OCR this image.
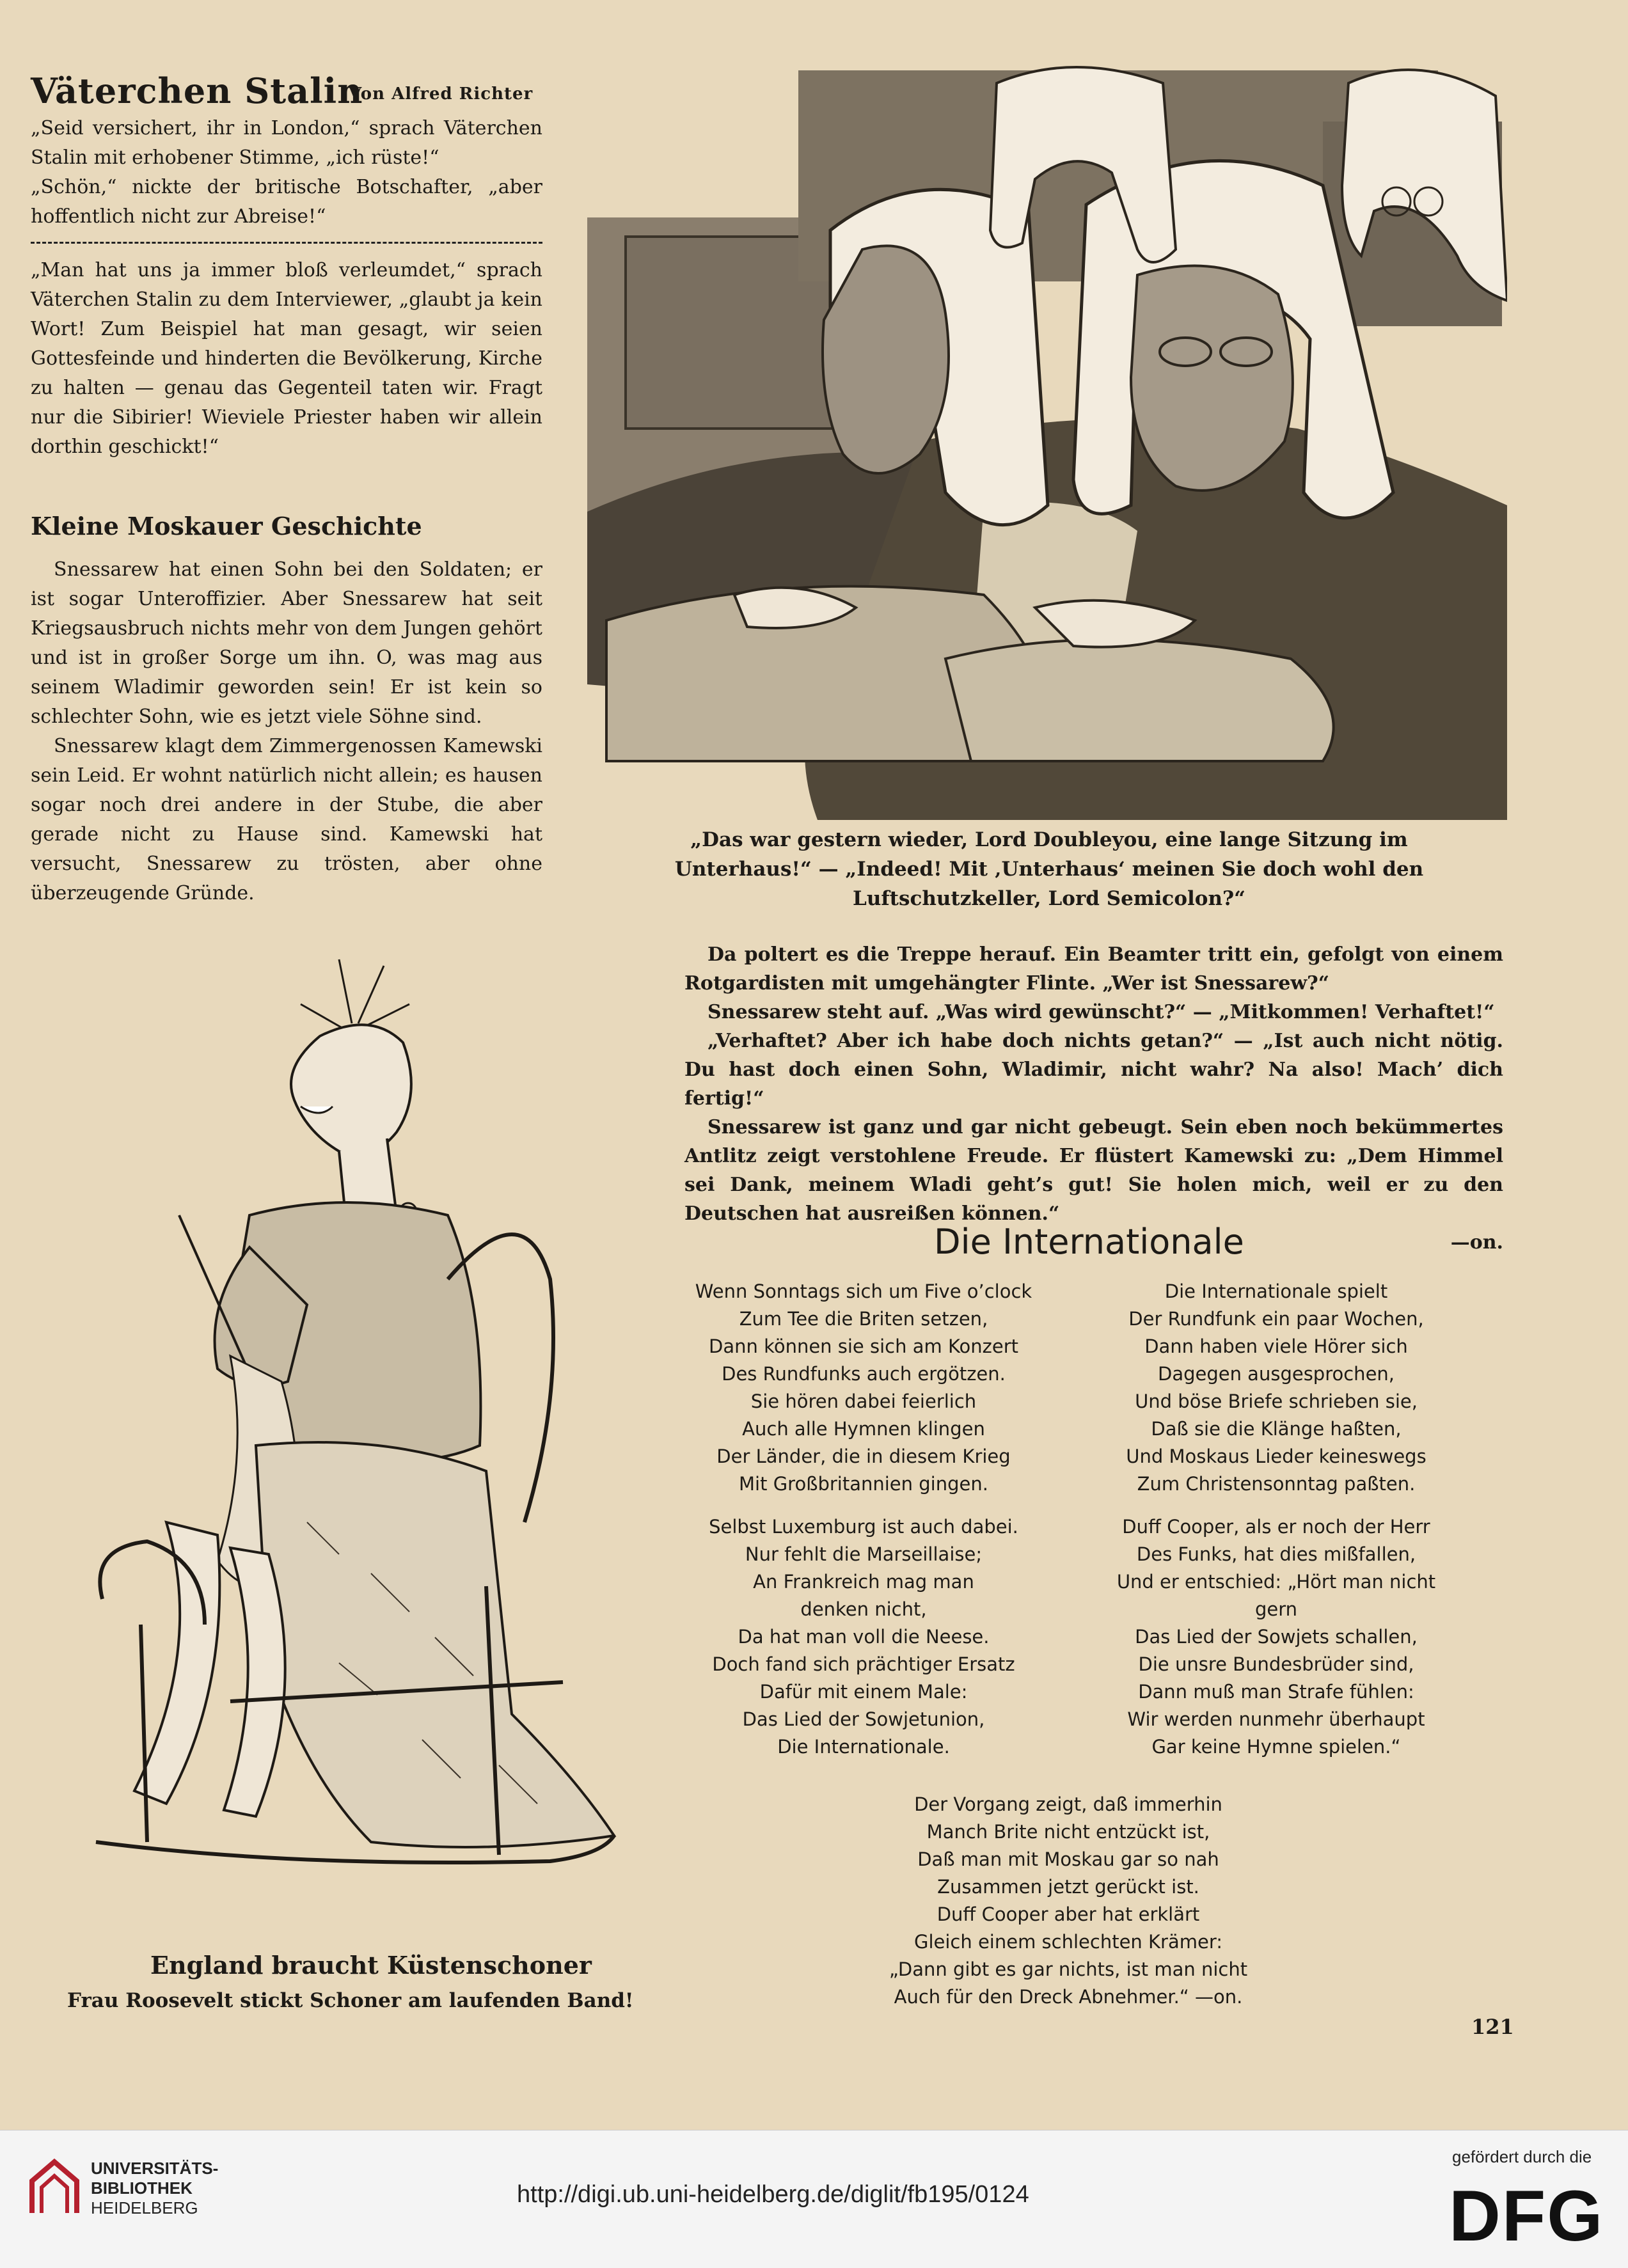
Väterchen Stalin
Von Alfred Richter

„Seid versichert, ihr in London,“ sprach Väterchen Stalin mit erhobener Stimme, „ich rüste!“

„Schön,“ nickte der britische Botschafter, „aber hoffentlich nicht zur Abreise!“

„Man hat uns ja immer bloß verleumdet,“ sprach Väterchen Stalin zu dem Interviewer, „glaubt ja kein Wort! Zum Beispiel hat man gesagt, wir seien Gottesfeinde und hinderten die Bevölkerung, Kirche zu halten — genau das Gegenteil taten wir. Fragt nur die Sibirier! Wieviele Priester haben wir allein dorthin geschickt!“

Kleine Moskauer Geschichte

Snessarew hat einen Sohn bei den Soldaten; er ist sogar Unteroffizier. Aber Snessarew hat seit Kriegsausbruch nichts mehr von dem Jungen gehört und ist in großer Sorge um ihn. O, was mag aus seinem Wladimir geworden sein! Er ist kein so schlechter Sohn, wie es jetzt viele Söhne sind.

Snessarew klagt dem Zimmergenossen Kamewski sein Leid. Er wohnt natürlich nicht allein; es hausen sogar noch drei andere in der Stube, die aber gerade nicht zu Hause sind. Kamewski hat versucht, Snessarew zu trösten, aber ohne überzeugende Gründe.

„Das war gestern wieder, Lord Doubleyou, eine lange Sitzung im Unterhaus!“ — „Indeed! Mit ‚Unterhaus‘ meinen Sie doch wohl den Luftschutzkeller, Lord Semicolon?“

Da poltert es die Treppe herauf. Ein Beamter tritt ein, gefolgt von einem Rotgardisten mit umgehängter Flinte. „Wer ist Snessarew?“

Snessarew steht auf. „Was wird gewünscht?“ — „Mitkommen! Verhaftet!“

„Verhaftet? Aber ich habe doch nichts getan?“ — „Ist auch nicht nötig. Du hast doch einen Sohn, Wladimir, nicht wahr? Na also! Mach’ dich fertig!“

Snessarew ist ganz und gar nicht gebeugt. Sein eben noch bekümmertes Antlitz zeigt verstohlene Freude. Er flüstert Kamewski zu: „Dem Himmel sei Dank, meinem Wladi geht’s gut! Sie holen mich, weil er zu den Deutschen hat ausreißen können.“

—on.

Die Internationale

Wenn Sonntags sich um Five o’clock
Zum Tee die Briten setzen,
Dann können sie sich am Konzert
Des Rundfunks auch ergötzen.
Sie hören dabei feierlich
Auch alle Hymnen klingen
Der Länder, die in diesem Krieg
Mit Großbritannien gingen.

Selbst Luxemburg ist auch dabei.
Nur fehlt die Marseillaise;
An Frankreich mag man
denken nicht,
Da hat man voll die Neese.
Doch fand sich prächtiger Ersatz
Dafür mit einem Male:
Das Lied der Sowjetunion,
Die Internationale.

Die Internationale spielt
Der Rundfunk ein paar Wochen,
Dann haben viele Hörer sich
Dagegen ausgesprochen,
Und böse Briefe schrieben sie,
Daß sie die Klänge haßten,
Und Moskaus Lieder keineswegs
Zum Christensonntag paßten.

Duff Cooper, als er noch der Herr
Des Funks, hat dies mißfallen,
Und er entschied: „Hört man nicht
gern
Das Lied der Sowjets schallen,
Die unsre Bundesbrüder sind,
Dann muß man Strafe fühlen:
Wir werden nunmehr überhaupt
Gar keine Hymne spielen.“

Der Vorgang zeigt, daß immerhin
Manch Brite nicht entzückt ist,
Daß man mit Moskau gar so nah
Zusammen jetzt gerückt ist.
Duff Cooper aber hat erklärt
Gleich einem schlechten Krämer:
„Dann gibt es gar nichts, ist man nicht
Auch für den Dreck Abnehmer.“ —on.

England braucht Küstenschoner
Frau Roosevelt stickt Schoner am laufenden Band!
121
UNIVERSITÄTS-
BIBLIOTHEK
HEIDELBERG	http://digi.ub.uni-heidelberg.de/diglit/fb195/0124
gefördert durch die
DFG
